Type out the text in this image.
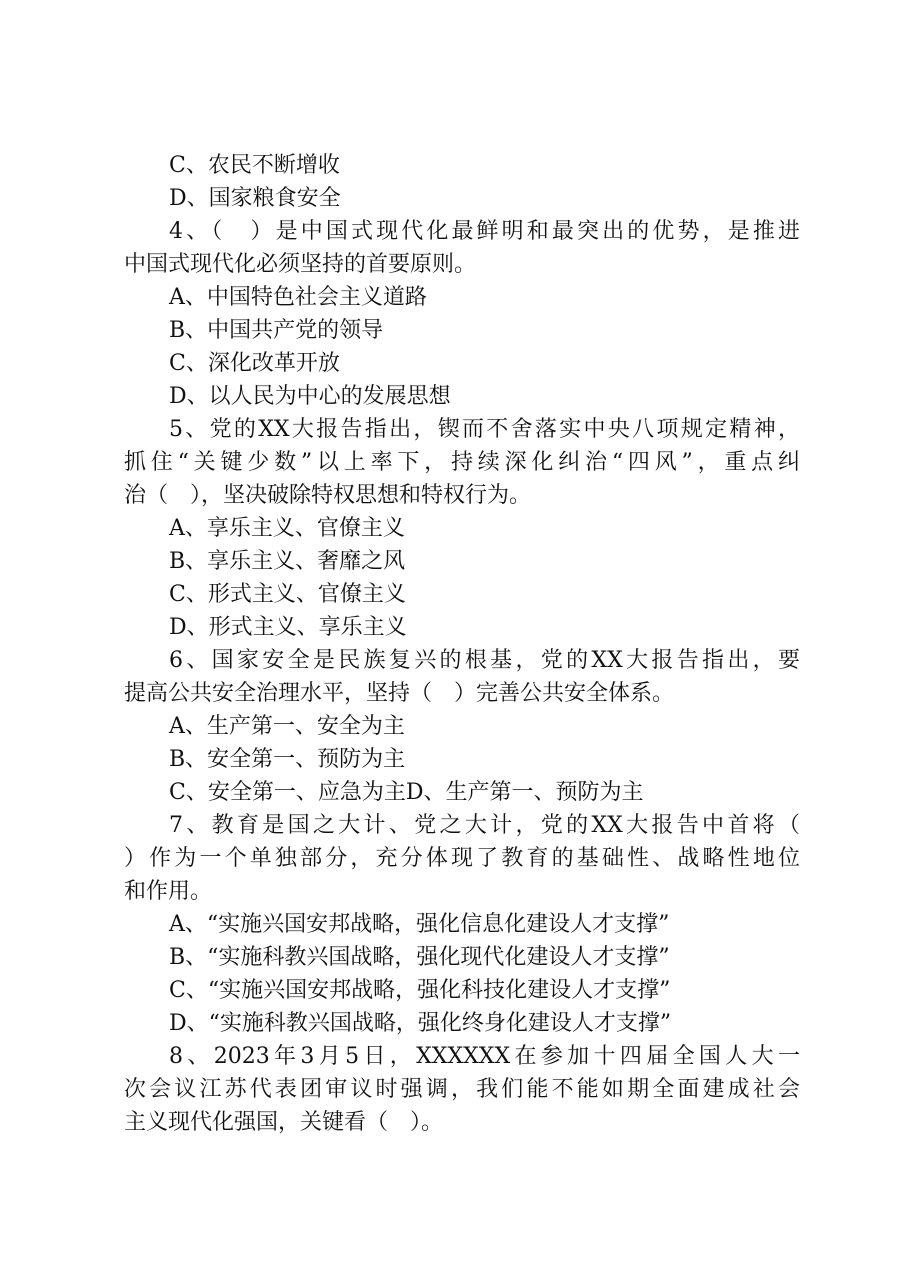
C、农民不断增收

D、国家粮食安全

4、（　）是中国式现代化最鲜明和最突出的优势，是推进

中国式现代化必须坚持的首要原则。

A、中国特色社会主义道路

B、中国共产党的领导

C、深化改革开放

D、以人民为中心的发展思想

5、党的XX大报告指出，锲而不舍落实中央八项规定精神，

抓住“关键少数”以上率下，持续深化纠治“四风”，重点纠

治（　），坚决破除特权思想和特权行为。

A、享乐主义、官僚主义

B、享乐主义、奢靡之风

C、形式主义、官僚主义

D、形式主义、享乐主义

6、国家安全是民族复兴的根基，党的XX大报告指出，要

提高公共安全治理水平，坚持（　）完善公共安全体系。

A、生产第一、安全为主

B、安全第一、预防为主

C、安全第一、应急为主D、生产第一、预防为主

7、教育是国之大计、党之大计，党的XX大报告中首将（

）作为一个单独部分，充分体现了教育的基础性、战略性地位

和作用。

A、“实施兴国安邦战略，强化信息化建设人才支撑”

B、“实施科教兴国战略，强化现代化建设人才支撑”

C、“实施兴国安邦战略，强化科技化建设人才支撑”

D、“实施科教兴国战略，强化终身化建设人才支撑”

8、2023年3月5日，XXXXXX在参加十四届全国人大一

次会议江苏代表团审议时强调，我们能不能如期全面建成社会

主义现代化强国，关键看（　）。
